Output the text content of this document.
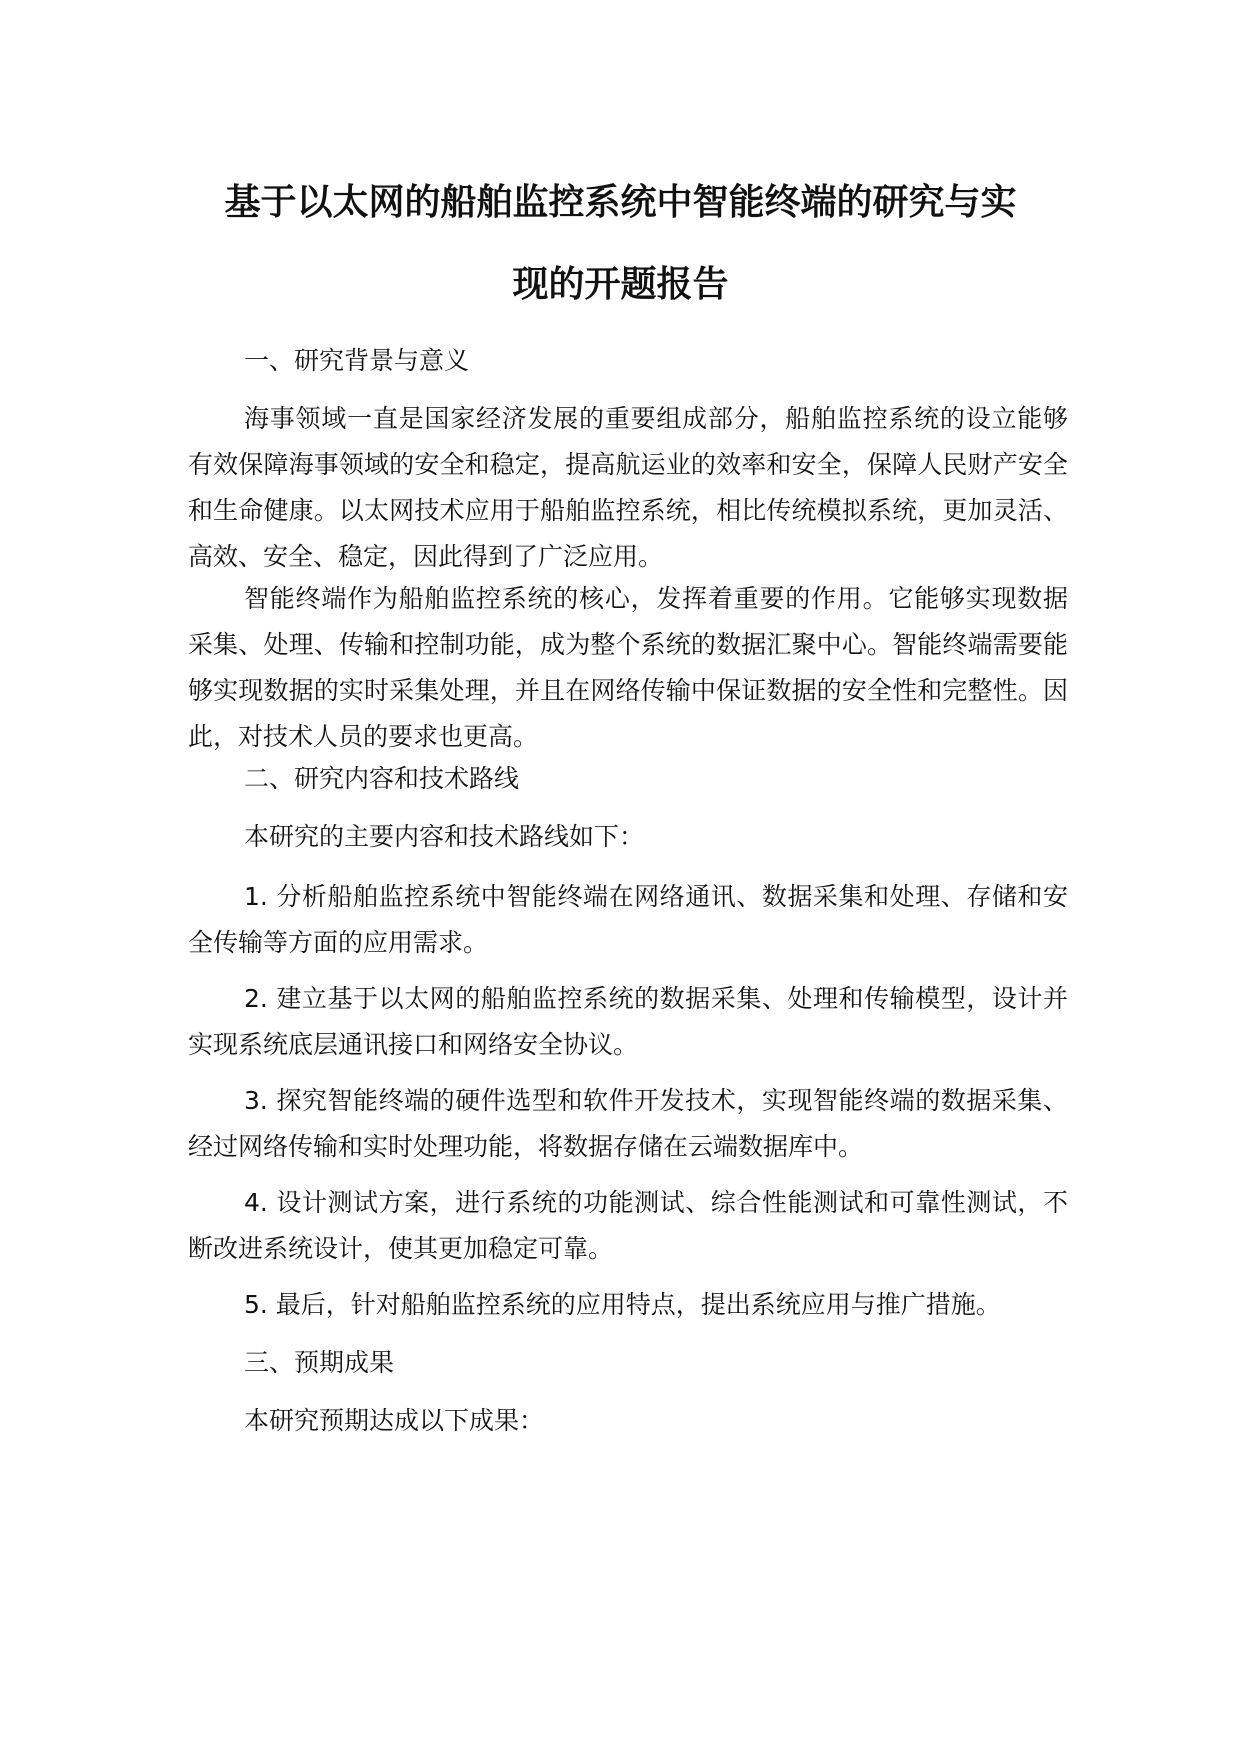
基于以太网的船舶监控系统中智能终端的研究与实
现的开题报告

一、研究背景与意义

海事领域一直是国家经济发展的重要组成部分，船舶监控系统的设立能够有效保障海事领域的安全和稳定，提高航运业的效率和安全，保障人民财产安全和生命健康。以太网技术应用于船舶监控系统，相比传统模拟系统，更加灵活、高效、安全、稳定，因此得到了广泛应用。

智能终端作为船舶监控系统的核心，发挥着重要的作用。它能够实现数据采集、处理、传输和控制功能，成为整个系统的数据汇聚中心。智能终端需要能够实现数据的实时采集处理，并且在网络传输中保证数据的安全性和完整性。因此，对技术人员的要求也更高。

二、研究内容和技术路线

本研究的主要内容和技术路线如下：

1. 分析船舶监控系统中智能终端在网络通讯、数据采集和处理、存储和安全传输等方面的应用需求。

2. 建立基于以太网的船舶监控系统的数据采集、处理和传输模型，设计并实现系统底层通讯接口和网络安全协议。

3. 探究智能终端的硬件选型和软件开发技术，实现智能终端的数据采集、经过网络传输和实时处理功能，将数据存储在云端数据库中。

4. 设计测试方案，进行系统的功能测试、综合性能测试和可靠性测试，不断改进系统设计，使其更加稳定可靠。

5. 最后，针对船舶监控系统的应用特点，提出系统应用与推广措施。

三、预期成果

本研究预期达成以下成果：
